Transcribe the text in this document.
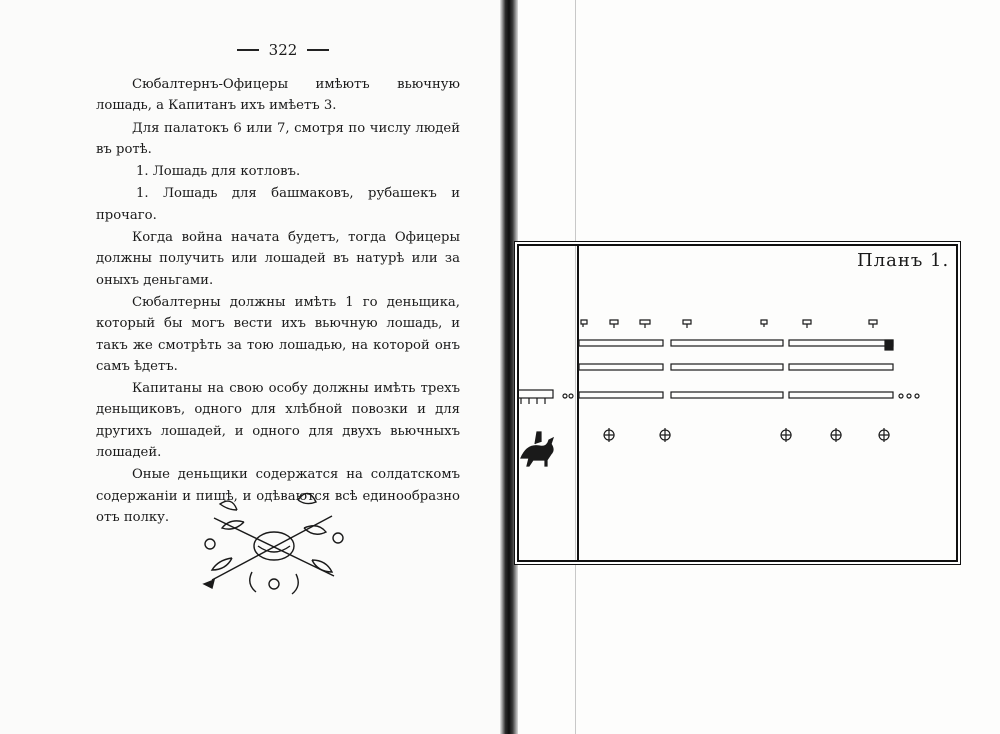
322

Сюбалтернъ-Офицеры имѣютъ вьючную лошадь, а Капитанъ ихъ имѣетъ 3.

Для палатокъ 6 или 7, смотря по числу людей въ ротѣ.

1. Лошадь для котловъ.

1. Лошадь для башмаковъ, рубашекъ и прочаго.

Когда война начата будетъ, тогда Офицеры должны получить или лошадей въ натурѣ или за оныхъ деньгами.

Сюбалтерны должны имѣть 1 го деньщика, который бы могъ вести ихъ вьючную лошадь, и такъ же смотрѣть за тою лошадью, на которой онъ самъ ѣдетъ.

Капитаны на свою особу должны имѣть трехъ деньщиковъ, одного для хлѣбной повозки и для другихъ лошадей, и одного для двухъ вьючныхъ лошадей.

Оные деньщики содержатся на солдатскомъ содержаніи и пищѣ, и одѣваются всѣ единообразно отъ полку.

Планъ 1.
